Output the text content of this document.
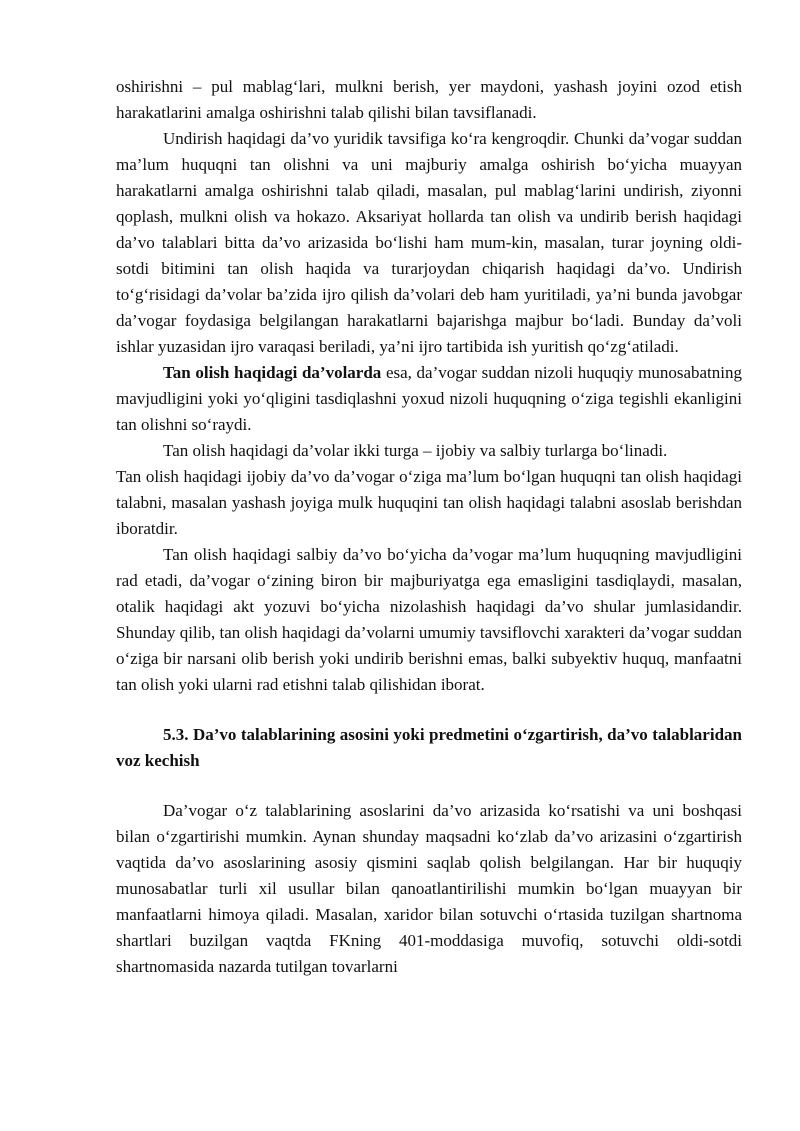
oshirishni – pul mablag‘lari, mulkni berish, yer maydoni, yashash joyini ozod etish harakatlarini amalga oshirishni talab qilishi bilan tavsiflanadi.

Undirish haqidagi da’vo yuridik tavsifiga ko‘ra kengroqdir. Chunki da’vogar suddan ma’lum huquqni tan olishni va uni majburiy amalga oshirish bo‘yicha muayyan harakatlarni amalga oshirishni talab qiladi, masalan, pul mablag‘larini undirish, ziyonni qoplash, mulkni olish va hokazo. Aksariyat hollarda tan olish va undirib berish haqidagi da’vo talablari bitta da’vo arizasida bo‘lishi ham mum-kin, masalan, turar joyning oldi-sotdi bitimini tan olish haqida va turarjoydan chiqarish haqidagi da’vo. Undirish to‘g‘risidagi da’volar ba’zida ijro qilish da’volari deb ham yuritiladi, ya’ni bunda javobgar da’vogar foydasiga belgilangan harakatlarni bajarishga majbur bo‘ladi. Bunday da’voli ishlar yuzasidan ijro varaqasi beriladi, ya’ni ijro tartibida ish yuritish qo‘zg‘atiladi.

Tan olish haqidagi da’volarda esa, da’vogar suddan nizoli huquqiy munosabatning mavjudligini yoki yo‘qligini tasdiqlashni yoxud nizoli huquqning o‘ziga tegishli ekanligini tan olishni so‘raydi.

Tan olish haqidagi da’volar ikki turga – ijobiy va salbiy turlarga bo‘linadi.

Tan olish haqidagi ijobiy da’vo da’vogar o‘ziga ma’lum bo‘lgan huquqni tan olish haqidagi talabni, masalan yashash joyiga mulk huquqini tan olish haqidagi talabni asoslab berishdan iboratdir.

Tan olish haqidagi salbiy da’vo bo‘yicha da’vogar ma’lum huquqning mavjudligini rad etadi, da’vogar o‘zining biron bir majburiyatga ega emasligini tasdiqlaydi, masalan, otalik haqidagi akt yozuvi bo‘yicha nizolashish haqidagi da’vo shular jumlasidandir. Shunday qilib, tan olish haqidagi da’volarni umumiy tavsiflovchi xarakteri da’vogar suddan o‘ziga bir narsani olib berish yoki undirib berishni emas, balki subyektiv huquq, manfaatni tan olish yoki ularni rad etishni talab qilishidan iborat.

5.3. Da’vo talablarining asosini yoki predmetini o‘zgartirish, da’vo talablaridan voz kechish

Da’vogar o‘z talablarining asoslarini da’vo arizasida ko‘rsatishi va uni boshqasi bilan o‘zgartirishi mumkin. Aynan shunday maqsadni ko‘zlab da’vo arizasini o‘zgartirish vaqtida da’vo asoslarining asosiy qismini saqlab qolish belgilangan. Har bir huquqiy munosabatlar turli xil usullar bilan qanoatlantirilishi mumkin bo‘lgan muayyan bir manfaatlarni himoya qiladi. Masalan, xaridor bilan sotuvchi o‘rtasida tuzilgan shartnoma shartlari buzilgan vaqtda FKning 401-moddasiga muvofiq, sotuvchi oldi-sotdi shartnomasida nazarda tutilgan tovarlarni
